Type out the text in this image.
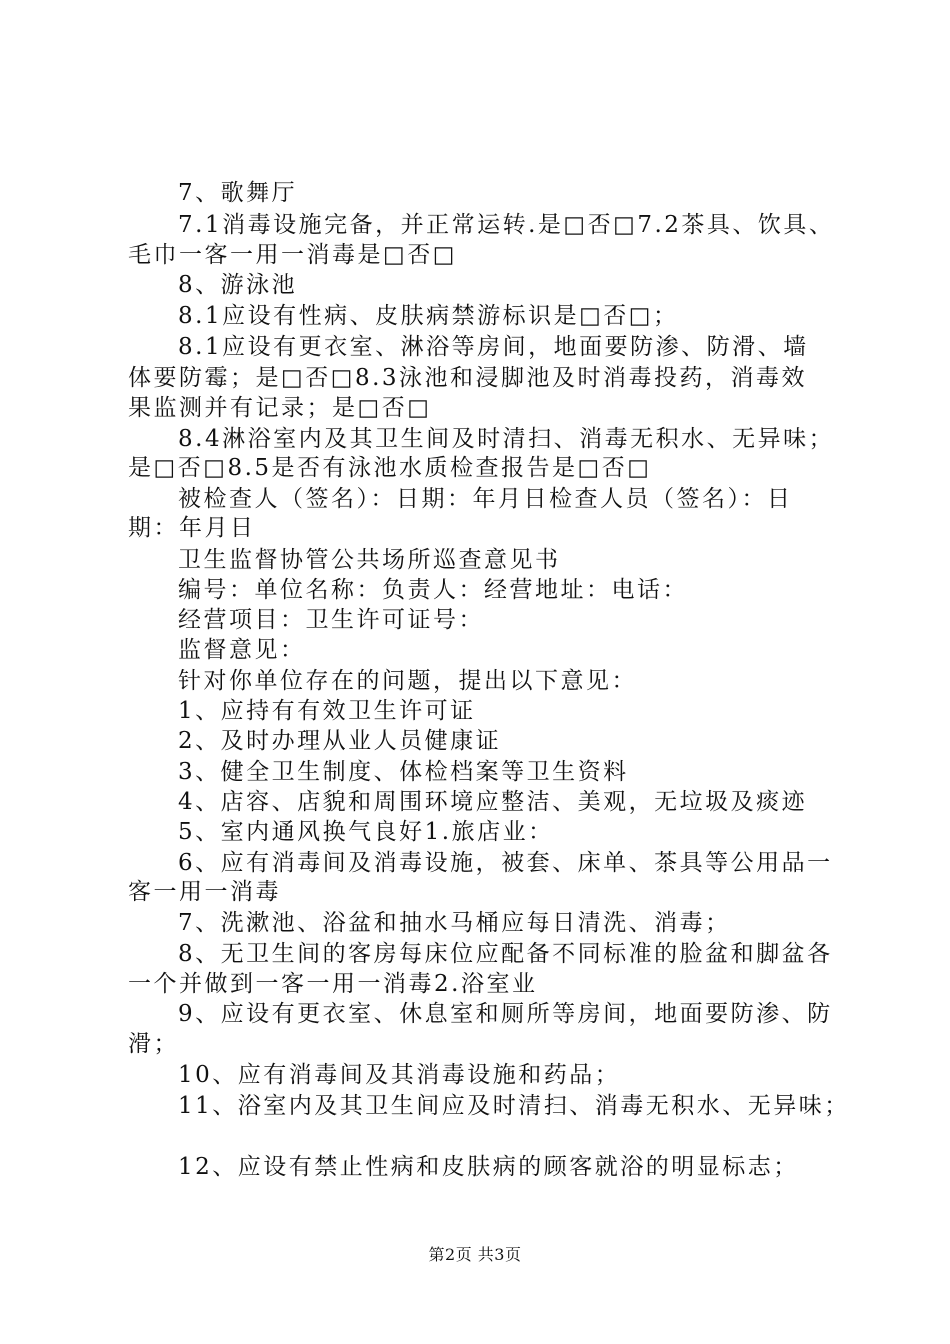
7、歌舞厅
7.1消毒设施完备，并正常运转.是□否□7.2茶具、饮具、
毛巾一客一用一消毒是□否□
8、游泳池
8.1应设有性病、皮肤病禁游标识是□否□；
8.1应设有更衣室、淋浴等房间，地面要防渗、防滑、墙
体要防霉；是□否□8.3泳池和浸脚池及时消毒投药，消毒效
果监测并有记录；是□否□
8.4淋浴室内及其卫生间及时清扫、消毒无积水、无异味；
是□否□8.5是否有泳池水质检查报告是□否□
被检查人（签名）：日期：年月日检查人员（签名）：日
期：年月日
卫生监督协管公共场所巡查意见书
编号：单位名称：负责人：经营地址：电话：
经营项目：卫生许可证号：
监督意见：
针对你单位存在的问题，提出以下意见：
1、应持有有效卫生许可证
2、及时办理从业人员健康证
3、健全卫生制度、体检档案等卫生资料
4、店容、店貌和周围环境应整洁、美观，无垃圾及痰迹
5、室内通风换气良好1.旅店业：
6、应有消毒间及消毒设施，被套、床单、茶具等公用品一
客一用一消毒
7、洗漱池、浴盆和抽水马桶应每日清洗、消毒；
8、无卫生间的客房每床位应配备不同标准的脸盆和脚盆各
一个并做到一客一用一消毒2.浴室业
9、应设有更衣室、休息室和厕所等房间，地面要防渗、防
滑；
10、应有消毒间及其消毒设施和药品；
11、浴室内及其卫生间应及时清扫、消毒无积水、无异味；
12、应设有禁止性病和皮肤病的顾客就浴的明显标志；
第2页 共3页
